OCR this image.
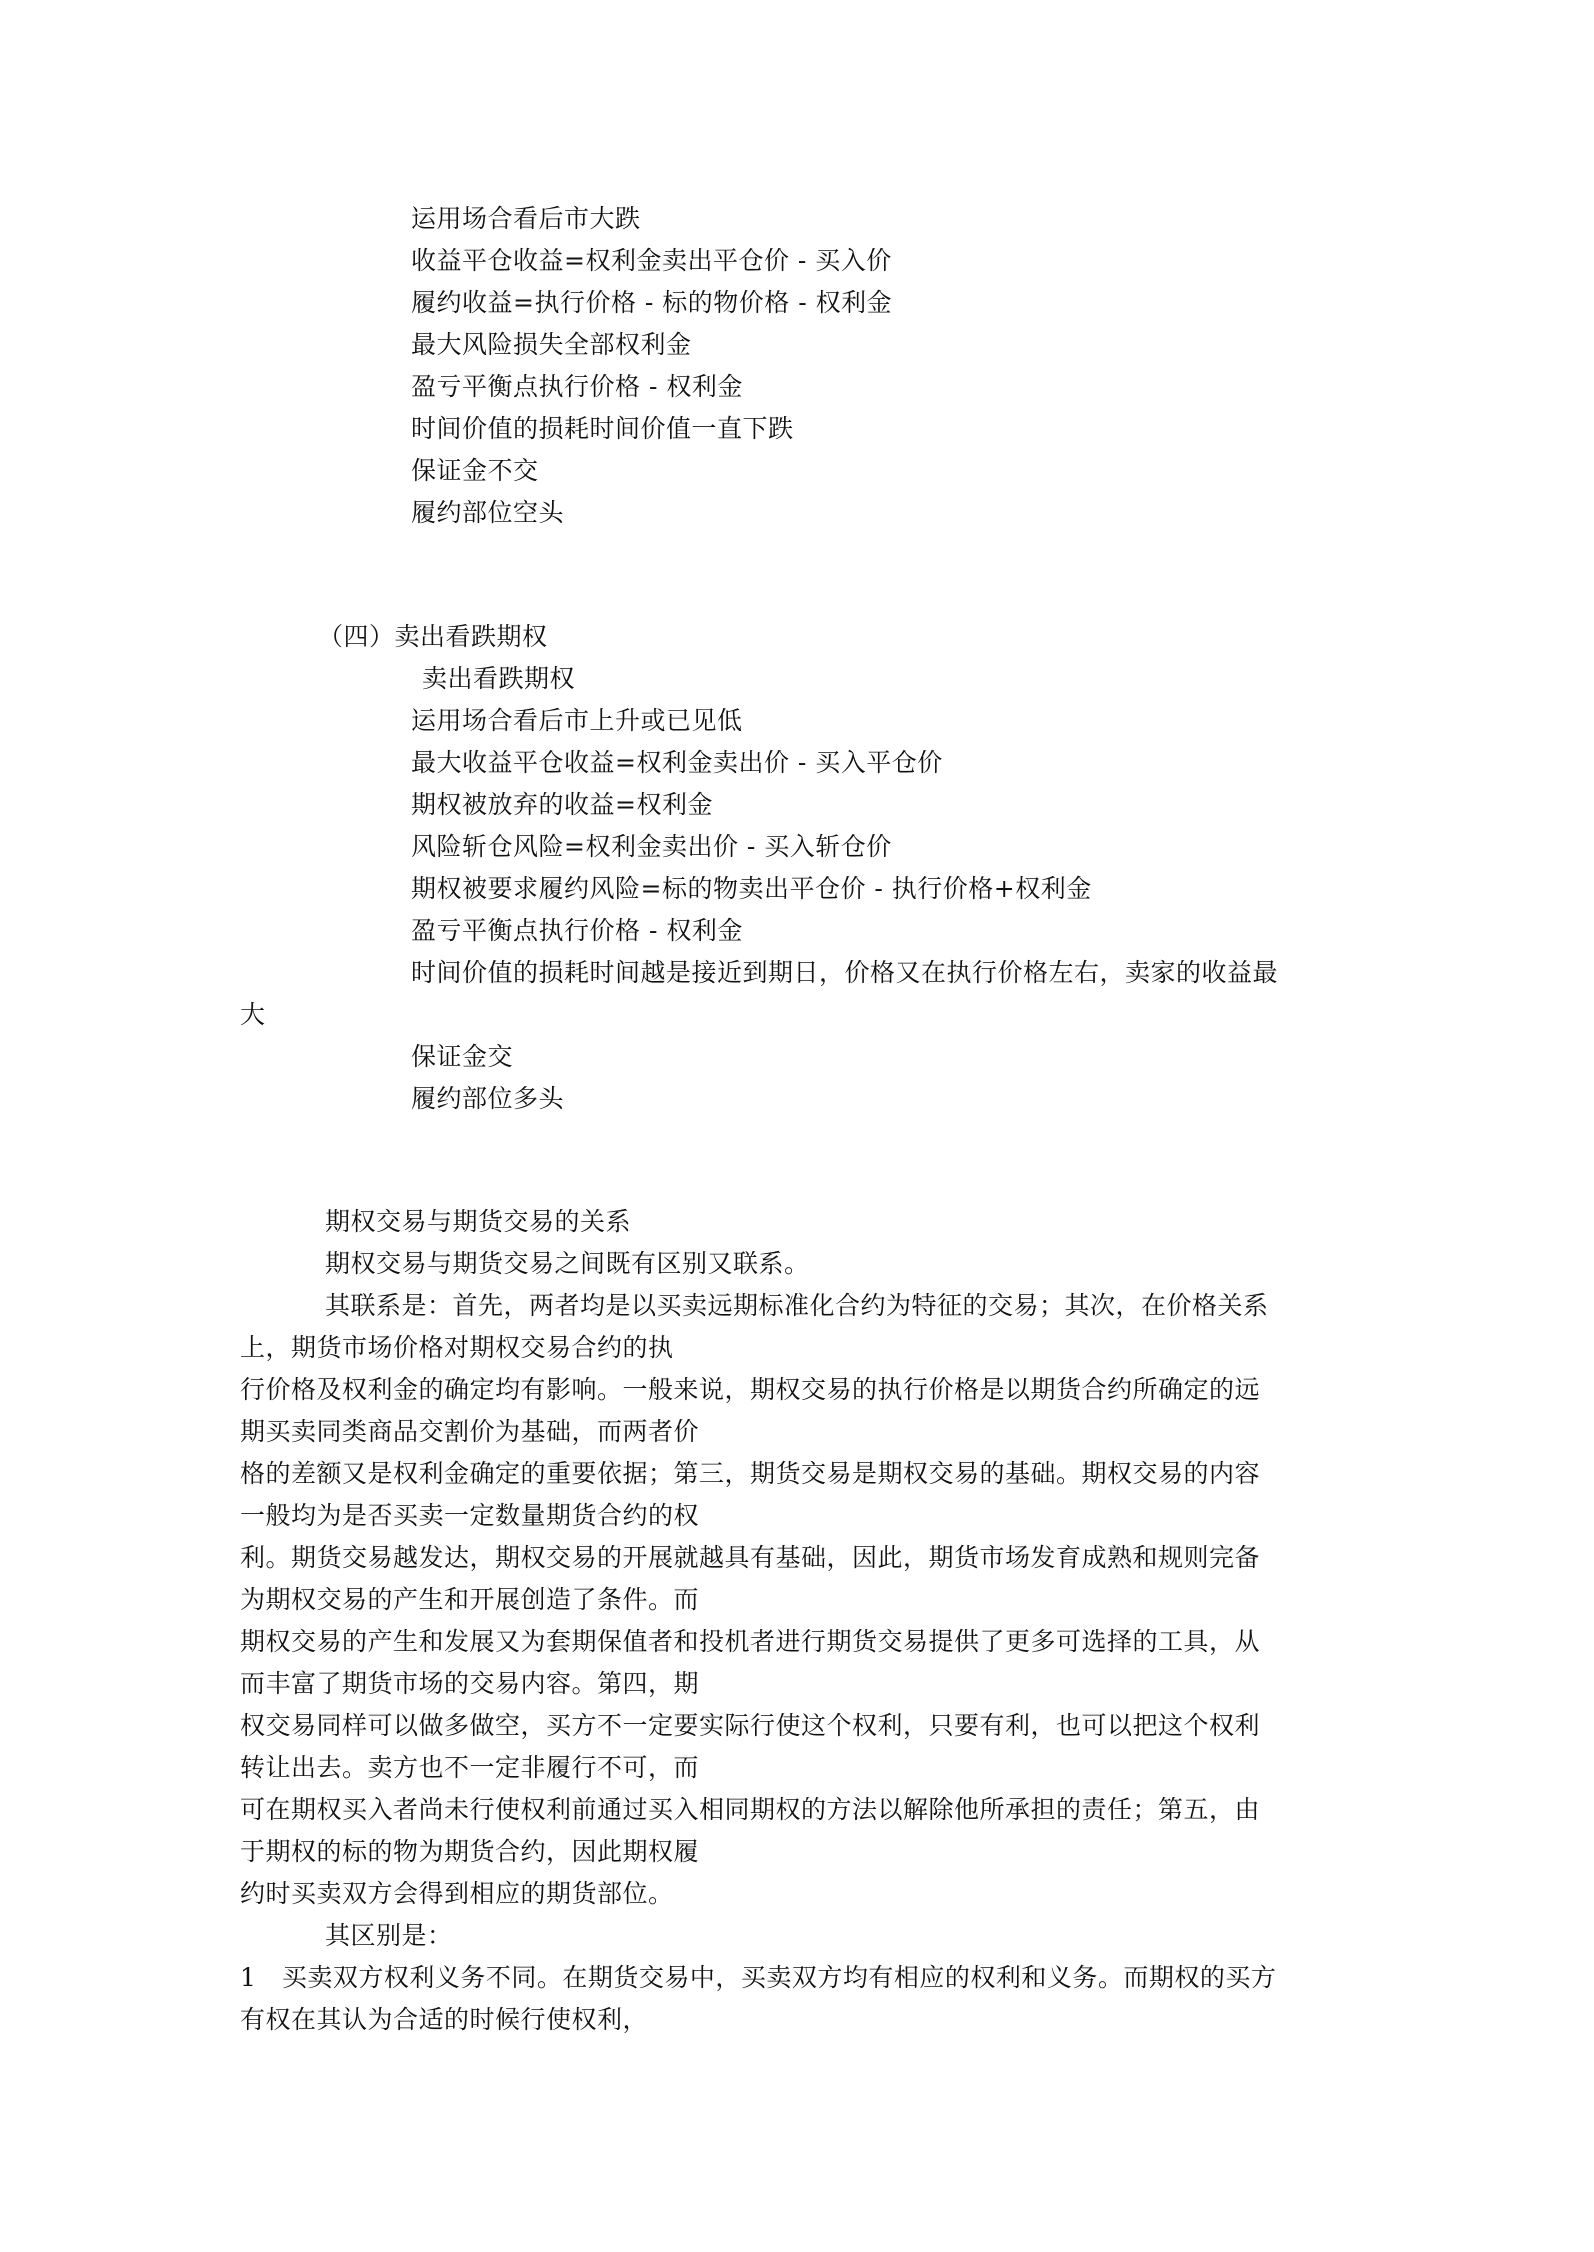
运用场合看后市大跌
收益平仓收益=权利金卖出平仓价 - 买入价
履约收益=执行价格 - 标的物价格 - 权利金
最大风险损失全部权利金
盈亏平衡点执行价格 - 权利金
时间价值的损耗时间价值一直下跌
保证金不交
履约部位空头
（四）卖出看跌期权
卖出看跌期权
运用场合看后市上升或已见低
最大收益平仓收益=权利金卖出价 - 买入平仓价
期权被放弃的收益=权利金
风险斩仓风险=权利金卖出价 - 买入斩仓价
期权被要求履约风险=标的物卖出平仓价 - 执行价格+权利金
盈亏平衡点执行价格 - 权利金
时间价值的损耗时间越是接近到期日，价格又在执行价格左右，卖家的收益最
大
保证金交
履约部位多头
期权交易与期货交易的关系
期权交易与期货交易之间既有区别又联系。
其联系是：首先，两者均是以买卖远期标准化合约为特征的交易；其次，在价格关系
上，期货市场价格对期权交易合约的执
行价格及权利金的确定均有影响。一般来说，期权交易的执行价格是以期货合约所确定的远
期买卖同类商品交割价为基础，而两者价
格的差额又是权利金确定的重要依据；第三，期货交易是期权交易的基础。期权交易的内容
一般均为是否买卖一定数量期货合约的权
利。期货交易越发达，期权交易的开展就越具有基础，因此，期货市场发育成熟和规则完备
为期权交易的产生和开展创造了条件。而
期权交易的产生和发展又为套期保值者和投机者进行期货交易提供了更多可选择的工具，从
而丰富了期货市场的交易内容。第四，期
权交易同样可以做多做空，买方不一定要实际行使这个权利，只要有利，也可以把这个权利
转让出去。卖方也不一定非履行不可，而
可在期权买入者尚未行使权利前通过买入相同期权的方法以解除他所承担的责任；第五，由
于期权的标的物为期货合约，因此期权履
约时买卖双方会得到相应的期货部位。
其区别是：
1　买卖双方权利义务不同。在期货交易中，买卖双方均有相应的权利和义务。而期权的买方
有权在其认为合适的时候行使权利，
